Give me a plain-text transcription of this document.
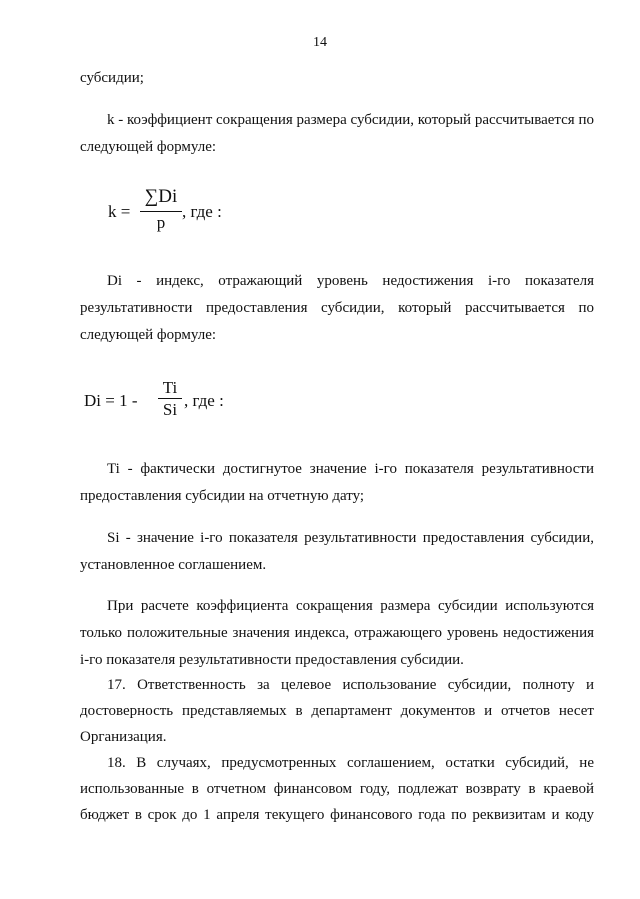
14
субсидии;
k - коэффициент сокращения размера субсидии, который рассчитывается по
следующей формуле:
k =
∑Di
p
, где :
Di - индекс, отражающий уровень недостижения i-го показателя
результативности предоставления субсидии, который рассчитывается по
следующей формуле:
Di = 1 -
Ti
Si , где :
Ti - фактически достигнутое значение i-го показателя результативности
предоставления субсидии на отчетную дату;
Si - значение i-го показателя результативности предоставления субсидии,
установленное соглашением.
При расчете коэффициента сокращения размера субсидии используются
только положительные значения индекса, отражающего уровень недостижения
i-го показателя результативности предоставления субсидии.
17. Ответственность за целевое использование субсидии, полноту и
достоверность представляемых в департамент документов и отчетов несет
Организация.
18. В случаях, предусмотренных соглашением, остатки субсидий, не
использованные в отчетном финансовом году, подлежат возврату в краевой
бюджет в срок до 1 апреля текущего финансового года по реквизитам и коду
